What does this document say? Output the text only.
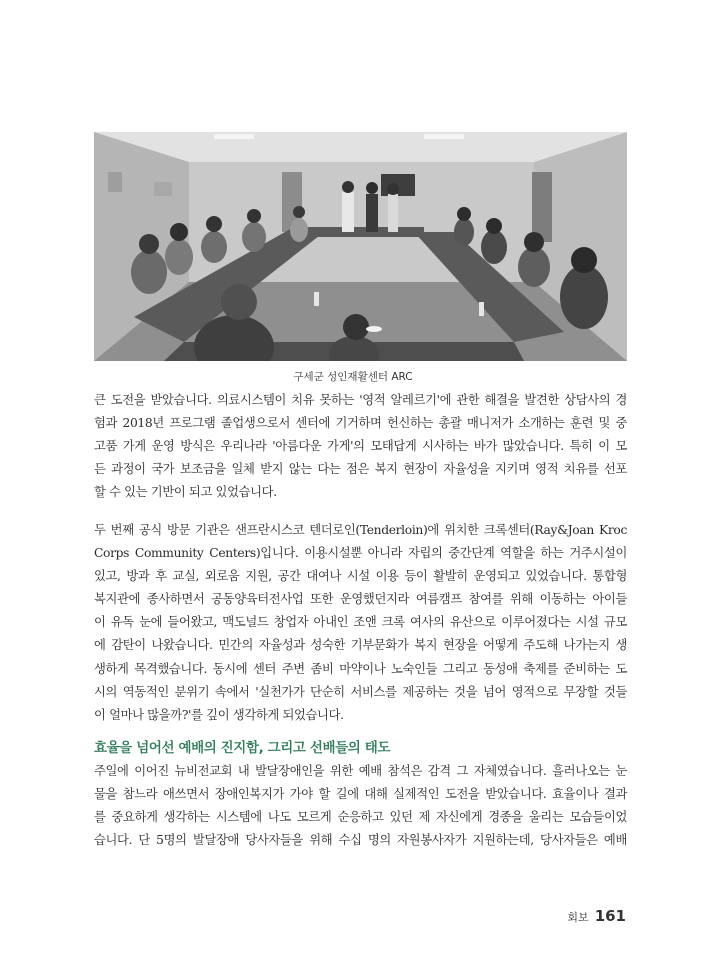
구세군 성인재활센터 ARC

큰 도전을 받았습니다. 의료시스템이 치유 못하는 '영적 알레르기'에 관한 해결을 발견한 상담사의 경
험과 2018년 프로그램 졸업생으로서 센터에 기거하며 헌신하는 총괄 매니저가 소개하는 훈련 및 중
고품 가게 운영 방식은 우리나라 '아름다운 가게'의 모태답게 시사하는 바가 많았습니다. 특히 이 모
든 과정이 국가 보조금을 일체 받지 않는 다는 점은 복지 현장이 자율성을 지키며 영적 치유를 선포
할 수 있는 기반이 되고 있었습니다.

두 번째 공식 방문 기관은 샌프란시스코 텐더로인(Tenderloin)에 위치한 크록센터(Ray&Joan Kroc
Corps Community Centers)입니다. 이용시설뿐 아니라 자립의 중간단계 역할을 하는 거주시설이
있고, 방과 후 교실, 외로움 지원, 공간 대여나 시설 이용 등이 활발히 운영되고 있었습니다. 통합형
복지관에 종사하면서 공동양육터전사업 또한 운영했던지라 여름캠프 참여를 위해 이동하는 아이들
이 유독 눈에 들어왔고, 맥도널드 창업자 아내인 조앤 크록 여사의 유산으로 이루어졌다는 시설 규모
에 감탄이 나왔습니다. 민간의 자율성과 성숙한 기부문화가 복지 현장을 어떻게 주도해 나가는지 생
생하게 목격했습니다. 동시에 센터 주변 좀비 마약이나 노숙인들 그리고 동성애 축제를 준비하는 도
시의 역동적인 분위기 속에서 '실천가가 단순히 서비스를 제공하는 것을 넘어 영적으로 무장할 것들
이 얼마나 많을까?'를 깊이 생각하게 되었습니다.

효율을 넘어선 예배의 진지함, 그리고 선배들의 태도

주일에 이어진 뉴비전교회 내 발달장애인을 위한 예배 참석은 감격 그 자체였습니다. 흘러나오는 눈
물을 참느라 애쓰면서 장애인복지가 가야 할 길에 대해 실제적인 도전을 받았습니다. 효율이나 결과
를 중요하게 생각하는 시스템에 나도 모르게 순응하고 있던 제 자신에게 경종을 울리는 모습들이었
습니다. 단 5명의 발달장애 당사자들을 위해 수십 명의 자원봉사자가 지원하는데, 당사자들은 예배

회보 161
